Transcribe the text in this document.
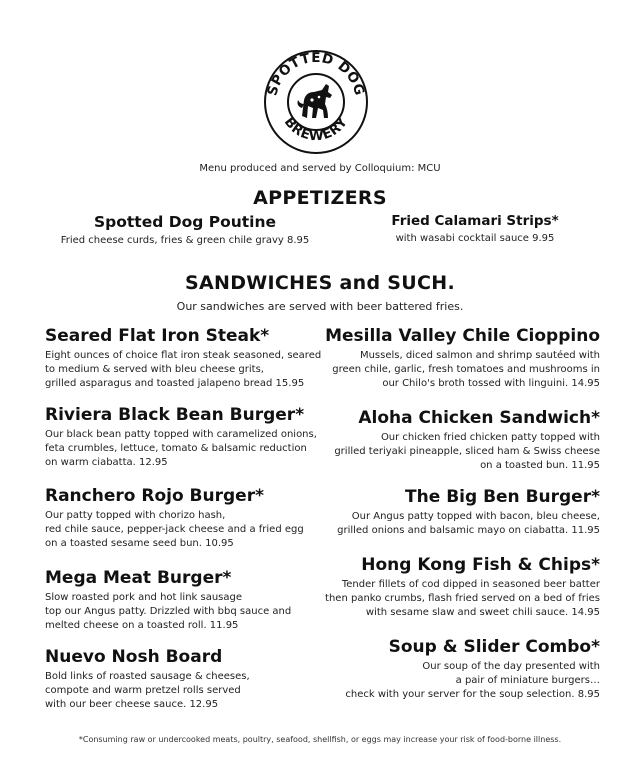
SPOTTED DOG
BREWERY
Menu produced and served by Colloquium: MCU
APPETIZERS
Spotted Dog Poutine
Fried cheese curds, fries & green chile gravy 8.95
Fried Calamari Strips*
with wasabi cocktail sauce 9.95
SANDWICHES and SUCH.
Our sandwiches are served with beer battered fries.
Seared Flat Iron Steak*
Eight ounces of choice flat iron steak seasoned, seared
to medium & served with bleu cheese grits,
grilled asparagus and toasted jalapeno bread 15.95
Riviera Black Bean Burger*
Our black bean patty topped with caramelized onions,
feta crumbles, lettuce, tomato & balsamic reduction
on warm ciabatta. 12.95
Ranchero Rojo Burger*
Our patty topped with chorizo hash,
red chile sauce, pepper-jack cheese and a fried egg
on a toasted sesame seed bun. 10.95
Mega Meat Burger*
Slow roasted pork and hot link sausage
top our Angus patty. Drizzled with bbq sauce and
melted cheese on a toasted roll. 11.95
Nuevo Nosh Board
Bold links of roasted sausage & cheeses,
compote and warm pretzel rolls served
with our beer cheese sauce. 12.95
Mesilla Valley Chile Cioppino
Mussels, diced salmon and shrimp sautéed with
green chile, garlic, fresh tomatoes and mushrooms in
our Chilo's broth tossed with linguini. 14.95
Aloha Chicken Sandwich*
Our chicken fried chicken patty topped with
grilled teriyaki pineapple, sliced ham & Swiss cheese
on a toasted bun. 11.95
The Big Ben Burger*
Our Angus patty topped with bacon, bleu cheese,
grilled onions and balsamic mayo on ciabatta. 11.95
Hong Kong Fish & Chips*
Tender fillets of cod dipped in seasoned beer batter
then panko crumbs, flash fried served on a bed of fries
with sesame slaw and sweet chili sauce. 14.95
Soup & Slider Combo*
Our soup of the day presented with
a pair of miniature burgers…
check with your server for the soup selection. 8.95
*Consuming raw or undercooked meats, poultry, seafood, shellfish, or eggs may increase your risk of food-borne illness.
